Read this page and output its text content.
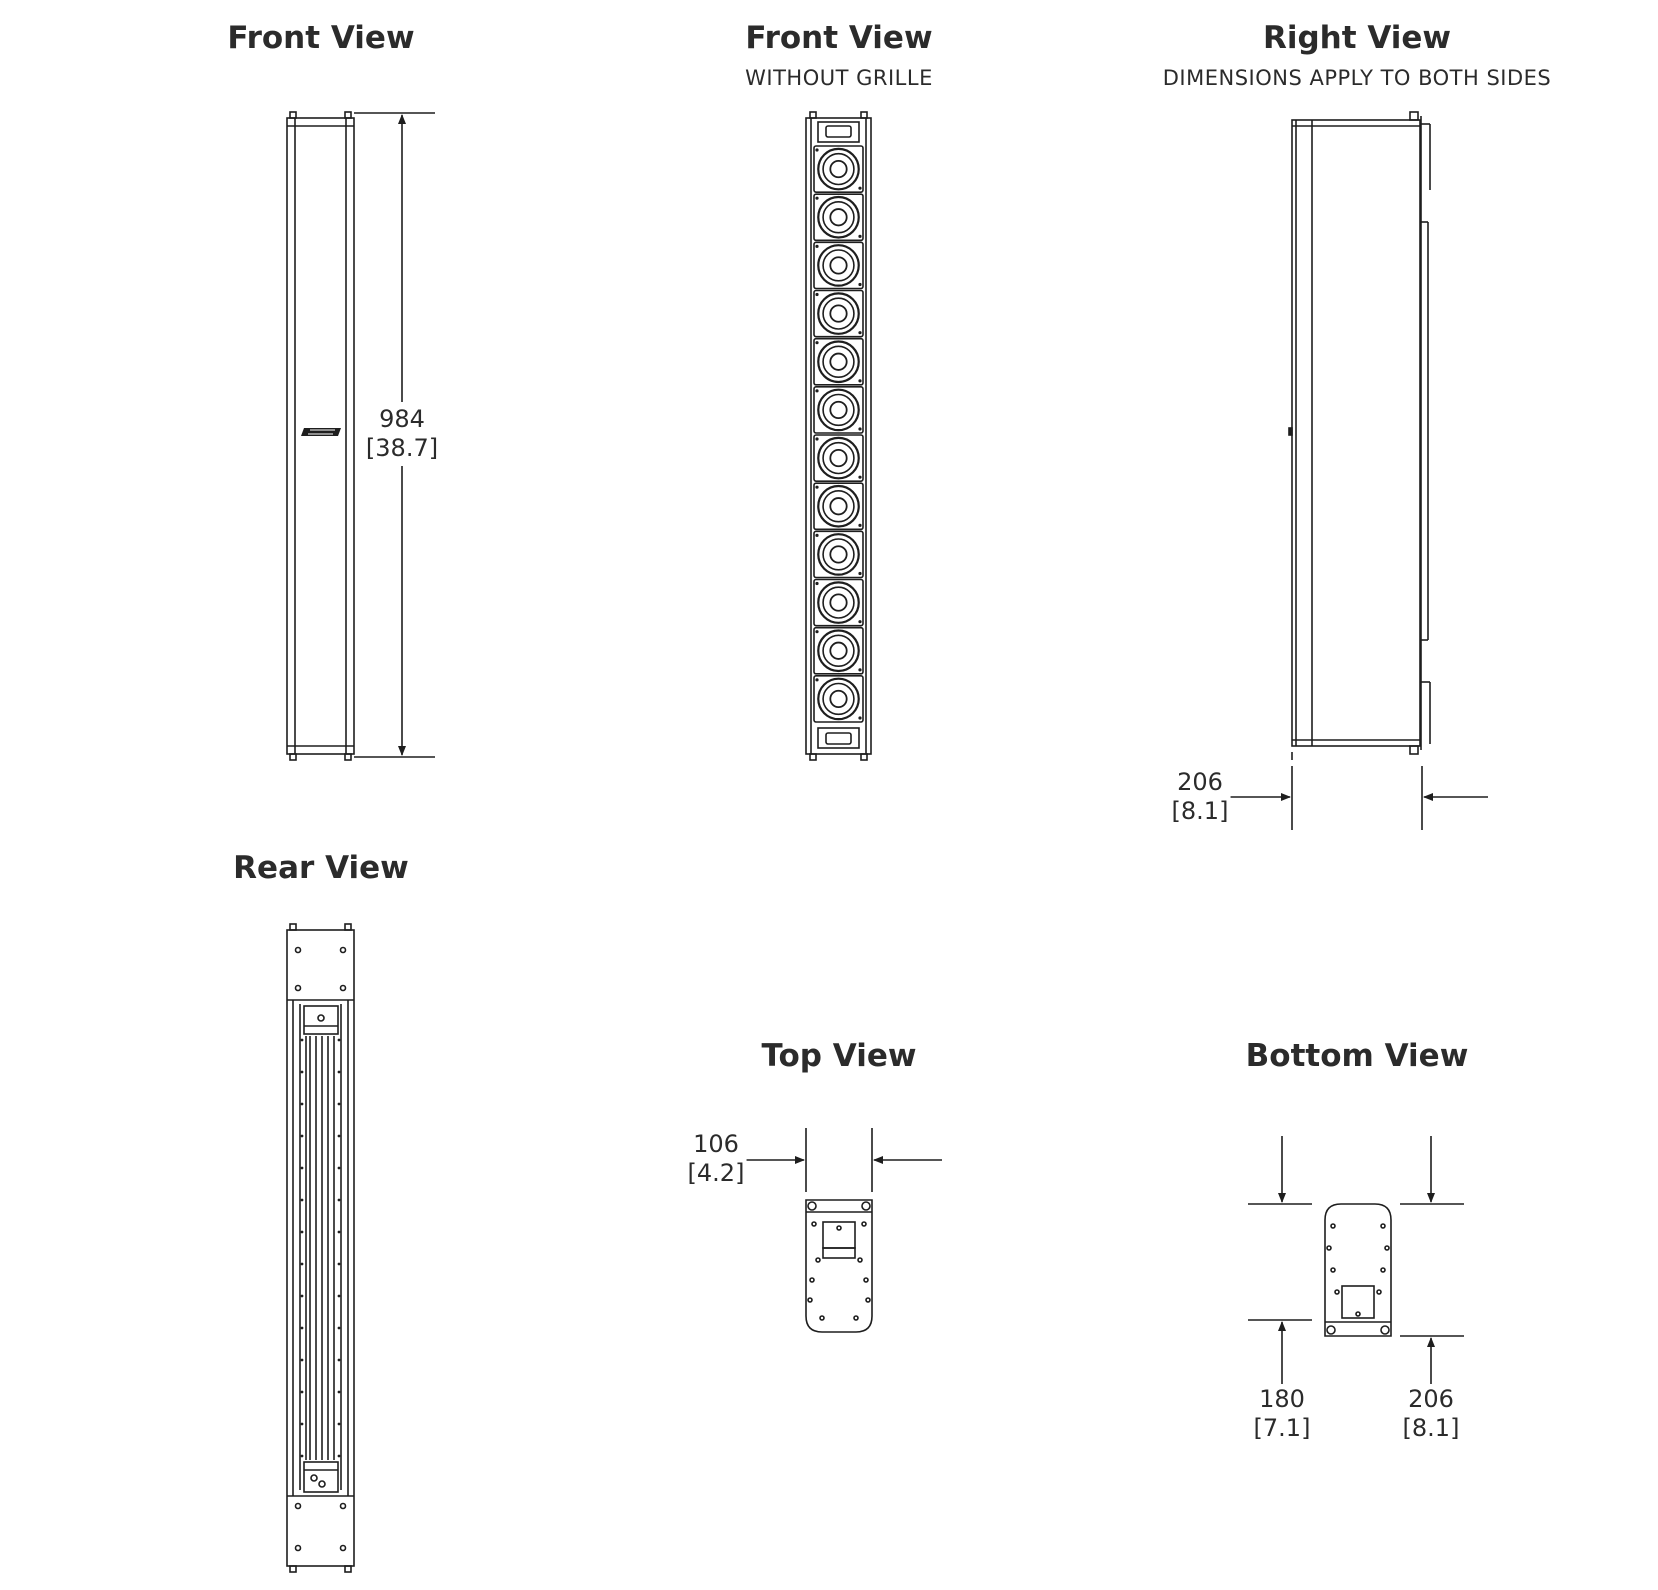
Front View	Front View
WITHOUT GRILLE
Right View
DIMENSIONS APPLY TO BOTH SIDES
Rear View
Top View	Bottom View
984
[38.7]
206
[8.1]
106
[4.2]
180
[7.1]
206
[8.1]
